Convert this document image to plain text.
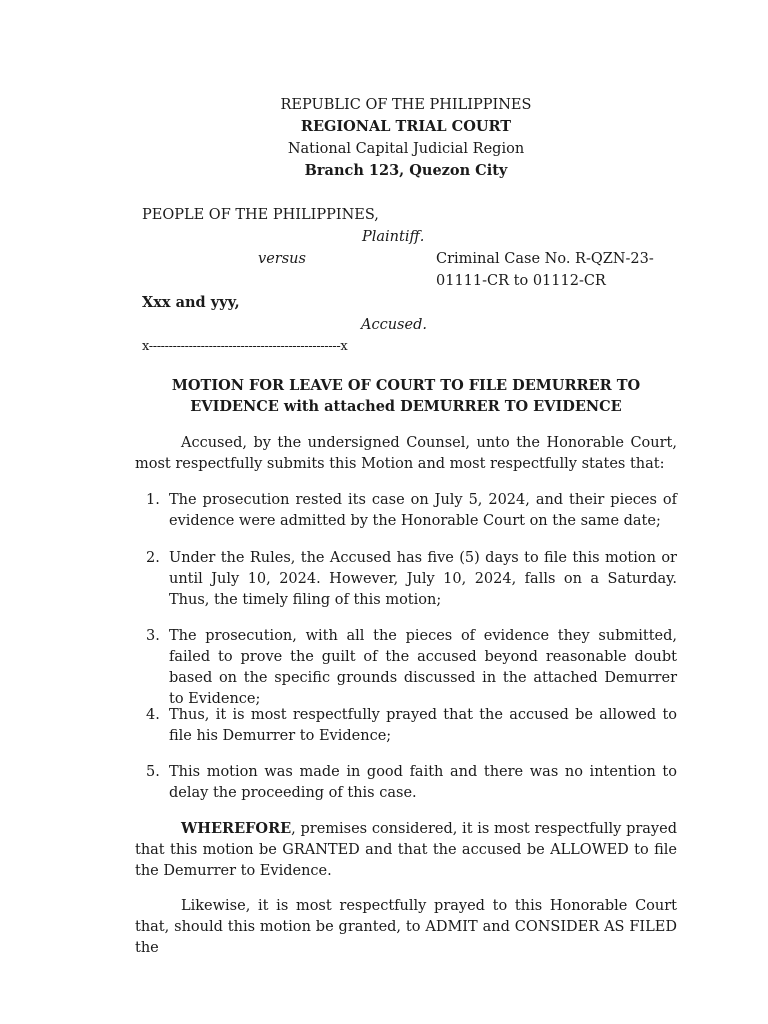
REPUBLIC OF THE PHILIPPINES
REGIONAL TRIAL COURT
National Capital Judicial Region
Branch 123, Quezon City
PEOPLE OF THE PHILIPPINES,
Plaintiff.
versus	Criminal Case No. R-QZN-23-
01111-CR to 01112-CR
Xxx and yyy,
Accused.
x------------------------------------------------x
MOTION FOR LEAVE OF COURT TO FILE DEMURRER TO
EVIDENCE with attached DEMURRER TO EVIDENCE
Accused, by the undersigned Counsel, unto the Honorable Court, most respectfully submits this Motion and most respectfully states that:
1. The prosecution rested its case on July 5, 2024, and their pieces of evidence were admitted by the Honorable Court on the same date;
2. Under the Rules, the Accused has five (5) days to file this motion or until July 10, 2024. However, July 10, 2024, falls on a Saturday. Thus, the timely filing of this motion;
3. The prosecution, with all the pieces of evidence they submitted, failed to prove the guilt of the accused beyond reasonable doubt based on the specific grounds discussed in the attached Demurrer to Evidence;
4. Thus, it is most respectfully prayed that the accused be allowed to file his Demurrer to Evidence;
5. This motion was made in good faith and there was no intention to delay the proceeding of this case.
WHEREFORE, premises considered, it is most respectfully prayed that this motion be GRANTED and that the accused be ALLOWED to file the Demurrer to Evidence.
Likewise, it is most respectfully prayed to this Honorable Court that, should this motion be granted, to ADMIT and CONSIDER AS FILED the
